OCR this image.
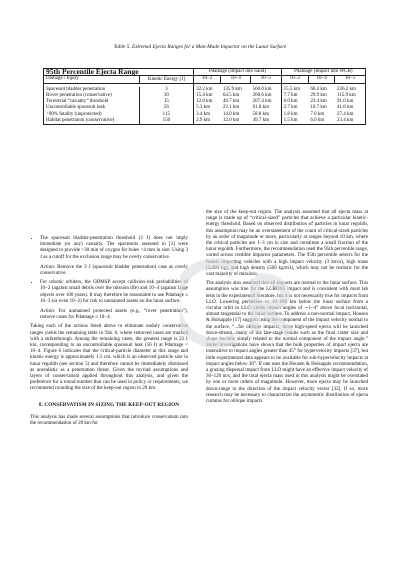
Table 5. Extremal Ejecta Ranges for a Man-Made Impactor on the Lunar Surface
95th Percentile Ejecta Range		Pdamage (Impact into Sand)			Pdamage (Impact into WCB)		
Damage / Injury	Kinetic Energy [J]	10−2	10−4	10−5	10−2	10−4	10−5

Spacesuit bladder penetration	3	32.2 km	135.9 km	560.0 km	15.5 km	60.2 km	236.2 km
Rover penetration (conservative)	10	15.4 km	64.5 km	266.6 km	7.7 km	29.9 km	115.9 km
Terrestrial “casualty” threshold	15	12.0 km	49.7 km	207.4 km	6.0 km	23.4 km	91.0 km
Uncontrollable spacesuit leak	56	5.3 km	22.1 km	91.8 km	2.7 km	10.7 km	41.8 km
>90% fatality (unprotected)	115	3.4 km	14.0 km	58.8 km	1.8 km	7.0 km	27.4 km
Habitat penetration (conservative)	150	2.9 km	12.0 km	49.7 km	1.5 km	6.0 km	23.4 km
• The spacesuit bladder-penetration threshold (3 J) does not imply immediate (or any) casualty. The spacesuits assessed in [3] were designed to provide >30 min of oxygen for holes <4 mm in size. Using 3 J as a cutoff for the exclusion range may be overly conservative.
Action: Remove the 3 J (spacesuit bladder penetration) case as overly conservative.
• For robotic orbiters, the ODMSP accept collision-risk probabilities of 10−2 (against small debris over the mission life) and 10−4 (against large objects over 100 years). It may therefore be reasonable to use Pdamage ≤ 10−3 (or even 10−2) for risk to unmanned assets on the lunar surface.
Action: For unmanned protected assets (e.g., “rover penetration”), remove cases for Pdamage ≤ 10−4.

Taking each of the actions listed above to eliminate unduly conservative ranges yields the remaining table in Tab. 6, where removed cases are marked with a strikethrough. Among the remaining cases, the greatest range is 22.1 km, corresponding to an uncontrollable spacesuit leak (56 J) at Pdamage = 10−4. Figure 6 indicates that the critical-particle diameter at this range and kinetic energy is approximately 1.5 cm, which is an observed particle size in lunar regolith (see section 5) and therefore cannot be immediately dismissed as unrealistic as a penetration threat. Given the myriad assumptions and layers of conservatism applied throughout this analysis, and given the preference for a round number that can be used in policy or requirements, we recommend rounding the size of the keep-out region to 20 km.

8. CONSERVATISM IN SIZING THE KEEP-OUT REGION

This analysis has made several assumptions that introduce conservatism into the recommendation of 20 km for

the size of the keep-out region. The analysis assumed that all ejecta mass at range is made up of “critical-sized” particles that achieve a particular kinetic-energy threshold. Based on observed distribution of particles in lunar regolith, this assumption may be an overstatement of the count of critical-sized particles by an order of magnitude or more, particularly at ranges beyond 10 km, where the critical particles are 1–3 cm in size and constitute a small fraction of the lunar regolith. Furthermore, the recommendation used the 95th percentile range, varied across credible impactor parameters. The 95th percentile selects for the fastest impacting vehicles with a high impact velocity (3 km/s), high mass (3,000 kg), and high density (500 kg/m3), which may not be realistic for the vast majority of missions.

The analysis also assumed that all impacts are normal to the lunar surface. This assumption was true for the LCROSS impact and is consistent with most lab tests in the experimental literature, but it is not necessarily true for impacts from LLO. Lowering periselene to 10–100 km below the lunar surface from a circular orbit in LLO yields impact angles of ∼1–4° above local horizontal, almost tangential to the lunar surface. To address a non-normal impact, Housen & Holsapple [17] suggest using the component of the impact velocity normal to the surface, “...for oblique impacts, more high-speed ejecta will be launched down-stream...many of the late-stage results such as the final crater size and shape become simply related to the normal component of the impact angle.” Some investigations have shown that the bulk properties of impact ejecta are insensitive to impact angles greater than 45° for hypervelocity impacts [37], but little experimental data appears to be available for sub-hypervelocity impacts at impact angles below 30°. If one uses the Housen & Holsapple recommendation, a grazing dispersal impact from LLO might have an effective impact velocity of 30–120 m/s, and the total ejecta mass used in this analysis might be overstated by one or more orders of magnitude. However, more ejecta may be launched down-range in the direction of the impact velocity vector [32]. If so, more research may be necessary to characterize the asymmetric distribution of ejecta curtains for oblique impacts
